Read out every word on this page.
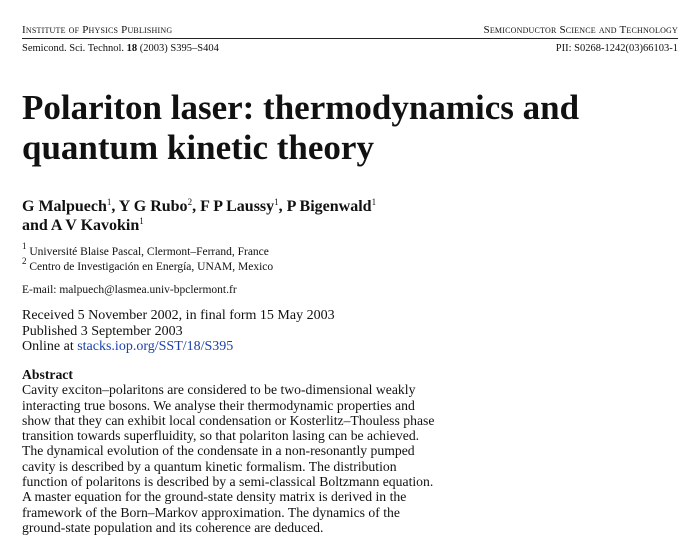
Institute of Physics Publishing	Semiconductor Science and Technology
Semicond. Sci. Technol. 18 (2003) S395–S404	PII: S0268-1242(03)66103-1
Polariton laser: thermodynamics and
quantum kinetic theory
G Malpuech$^1$, Y G Rubo$^2$, F P Laussy$^1$, P Bigenwald$^1$
and A V Kavokin$^1$
$^1$ Université Blaise Pascal, Clermont–Ferrand, France
$^2$ Centro de Investigación en Energía, UNAM, Mexico
E-mail: malpuech@lasmea.univ-bpclermont.fr
Received 5 November 2002, in final form 15 May 2003
Published 3 September 2003
Online at stacks.iop.org/SST/18/S395
Abstract
Cavity exciton–polaritons are considered to be two-dimensional weakly
interacting true bosons. We analyse their thermodynamic properties and
show that they can exhibit local condensation or Kosterlitz–Thouless phase
transition towards superfluidity, so that polariton lasing can be achieved.
The dynamical evolution of the condensate in a non-resonantly pumped
cavity is described by a quantum kinetic formalism. The distribution
function of polaritons is described by a semi-classical Boltzmann equation.
A master equation for the ground-state density matrix is derived in the
framework of the Born–Markov approximation. The dynamics of the
ground-state population and its coherence are deduced.
